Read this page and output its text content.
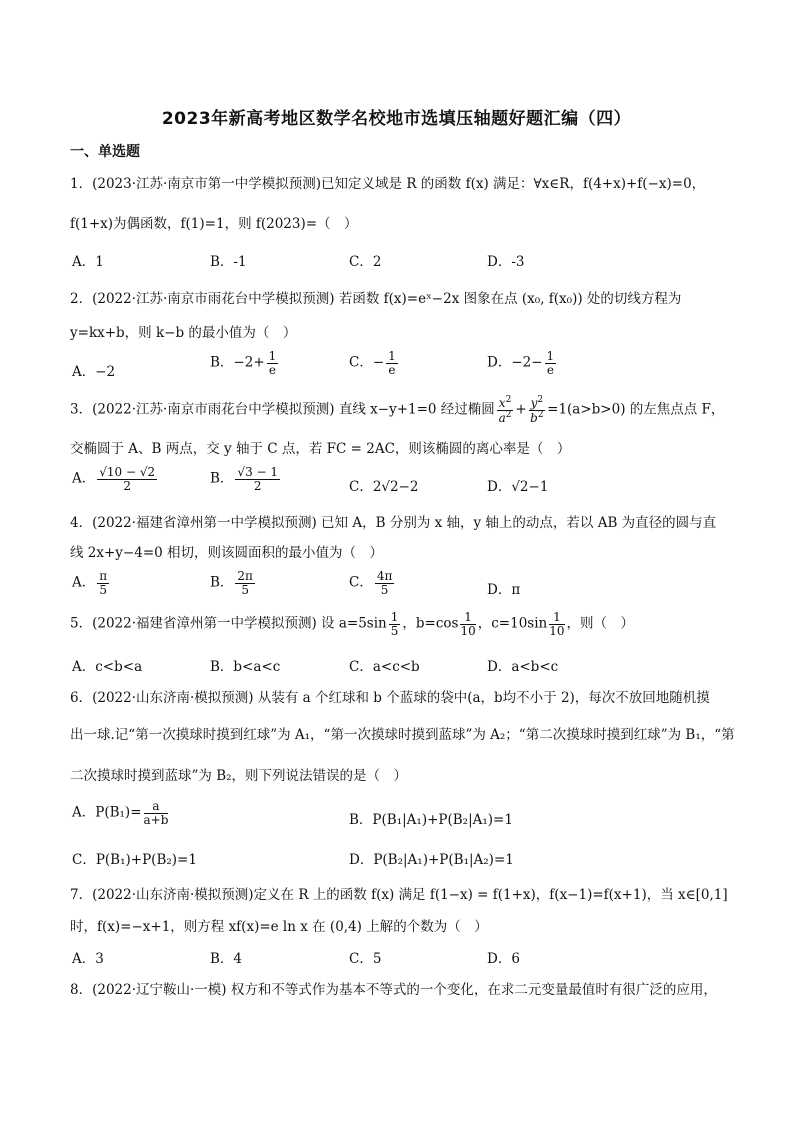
2023年新高考地区数学名校地市选填压轴题好题汇编（四）
一、单选题
1．(2023·江苏·南京市第一中学模拟预测)已知定义域是 R 的函数 f(x) 满足：∀x∈R，f(4+x)+f(−x)=0，
f(1+x)为偶函数，f(1)=1，则 f(2023)=（　）
A．1	B．-1	C．2	D．-3
2．(2022·江苏·南京市雨花台中学模拟预测) 若函数 f(x)=eˣ−2x 图象在点 (x₀, f(x₀)) 处的切线方程为
y=kx+b，则 k−b 的最小值为（　）
A．−2
B．$-2+ \frac{1}{e}$	C．− $\frac{1}{e}$	D．$-2- \frac{1}{e}$
3．(2022·江苏·南京市雨花台中学模拟预测) 直线 x−y+1=0 经过椭圆 $\frac{x^2}{a^2} + \frac{y^2}{b^2} =1(a>b>0)$ 的左焦点点 F，
交椭圆于 A、B 两点，交 y 轴于 C 点，若 FC = 2AC，则该椭圆的离心率是（　）
A． $\frac{√10 - √2}{2}$	B． $\frac{√3 - 1}{2}$	C．2√2−2	D．√2−1
4．(2022·福建省漳州第一中学模拟预测) 已知 A，B 分别为 x 轴，y 轴上的动点，若以 AB 为直径的圆与直
线 2x+y−4=0 相切，则该圆面积的最小值为（　）
A． $\frac{\pi}{5}$	B． $\frac{2\pi}{5}$	C． $\frac{4\pi}{5}$	D．π
5．(2022·福建省漳州第一中学模拟预测) 设 $a=5\sin \frac{1}{5}$ ，$b=\cos \frac{1}{10}$ ，$c=10\sin \frac{1}{10}$ ，则（　）
A．c<b<a	B．b<a<c	C．a<c<b	D．a<b<c
6．(2022·山东济南·模拟预测) 从装有 a 个红球和 b 个蓝球的袋中(a，b均不小于 2)，每次不放回地随机摸
出一球.记“第一次摸球时摸到红球”为 A₁，“第一次摸球时摸到蓝球”为 A₂；“第二次摸球时摸到红球”为 B₁，“第
二次摸球时摸到蓝球”为 B₂，则下列说法错误的是（　）
A．$P(B_1)= \frac{a}{a+b}$	B．P(B₁|A₁)+P(B₂|A₁)=1
C．P(B₁)+P(B₂)=1	D．P(B₂|A₁)+P(B₁|A₂)=1
7．(2022·山东济南·模拟预测)定义在 R 上的函数 f(x) 满足 f(1−x) = f(1+x)，f(x−1)=f(x+1)，当 x∈[0,1]
时，f(x)=−x+1，则方程 xf(x)=e ln x 在 (0,4) 上解的个数为（　）
A．3	B．4	C．5	D．6
8．(2022·辽宁鞍山·一模) 权方和不等式作为基本不等式的一个变化，在求二元变量最值时有很广泛的应用，
